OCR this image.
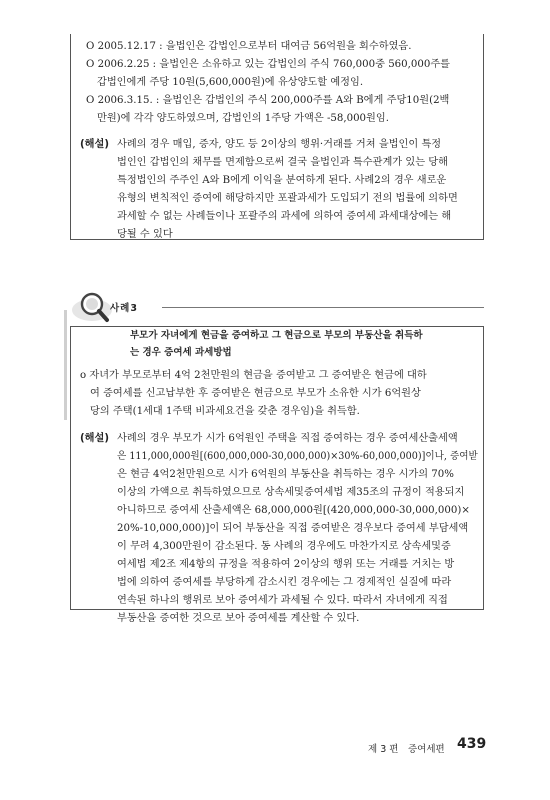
O 2005.12.17 : 을법인은 갑법인으로부터 대여금 56억원을 회수하였음.
O 2006.2.25 : 을법인은 소유하고 있는 갑법인의 주식 760,000중 560,000주를
갑법인에게 주당 10원(5,600,000원)에 유상양도할 예정임.
O 2006.3.15. : 을법인은 갑법인의 주식 200,000주를 A와 B에게 주당10원(2백
만원)에 각각 양도하였으며, 갑법인의 1주당 가액은 -58,000원임.
(해설) 사례의 경우 매입, 증자, 양도 등 2이상의 행위·거래를 거쳐 을법인이 특정
법인인 갑법인의 채무를 면제함으로써 결국 을법인과 특수관계가 있는 당해
특정법인의 주주인 A와 B에게 이익을 분여하게 된다. 사례2의 경우 새로운
유형의 변칙적인 증여에 해당하지만 포괄과세가 도입되기 전의 법률에 의하면
과세할 수 없는 사례들이나 포괄주의 과세에 의하여 증여세 과세대상에는 해
당될 수 있다
사례3
부모가 자녀에게 현금을 증여하고 그 현금으로 부모의 부동산을 취득하
는 경우 증여세 과세방법
o 자녀가 부모로부터 4억 2천만원의 현금을 증여받고 그 증여받은 현금에 대하
여 증여세를 신고납부한 후 증여받은 현금으로 부모가 소유한 시가 6억원상
당의 주택(1세대 1주택 비과세요건을 갖춘 경우임)을 취득함.
(해설) 사례의 경우 부모가 시가 6억원인 주택을 직접 증여하는 경우 증여세산출세액
은 111,000,000원[(600,000,000-30,000,000)×30%-60,000,000)]이나, 증여받
은 현금 4억2천만원으로 시가 6억원의 부동산을 취득하는 경우 시가의 70%
이상의 가액으로 취득하였으므로 상속세및증여세법 제35조의 규정이 적용되지
아니하므로 증여세 산출세액은 68,000,000원[(420,000,000-30,000,000)×
20%-10,000,000)]이 되어 부동산을 직접 증여받은 경우보다 증여세 부담세액
이 무려 4,300만원이 감소된다. 동 사례의 경우에도 마찬가지로 상속세및증
여세법 제2조 제4항의 규정을 적용하여 2이상의 행위 또는 거래를 거치는 방
법에 의하여 증여세를 부당하게 감소시킨 경우에는 그 경제적인 실질에 따라
연속된 하나의 행위로 보아 증여세가 과세될 수 있다. 따라서 자녀에게 직접
부동산을 증여한 것으로 보아 증여세를 계산할 수 있다.
제 3 편 증여세편 439
